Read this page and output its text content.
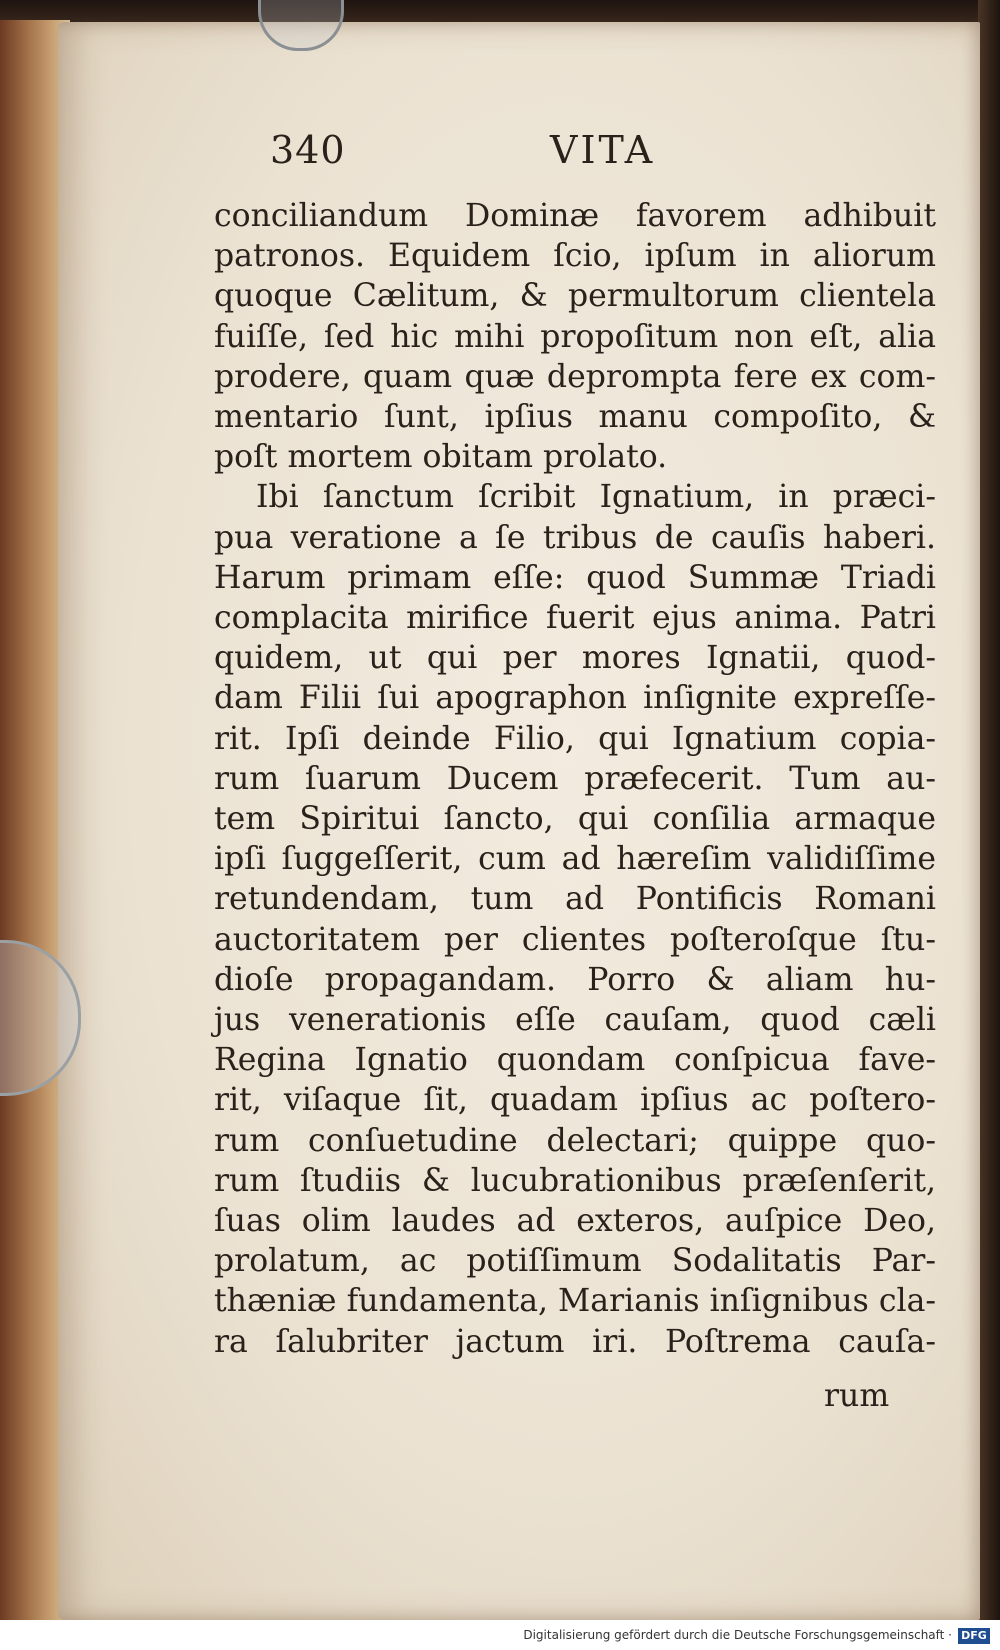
340	VITA
conciliandum Dominæ favorem adhibuit
patronos. Equidem ſcio, ipſum in aliorum
quoque Cælitum, & permultorum clientela
fuiſſe, ſed hic mihi propoſitum non eſt, alia
prodere, quam quæ deprompta fere ex com-
mentario ſunt, ipſius manu compoſito, &
poſt mortem obitam prolato.
Ibi ſanctum ſcribit Ignatium, in præci-
pua veratione a ſe tribus de cauſis haberi.
Harum primam eſſe: quod Summæ Triadi
complacita mirifice fuerit ejus anima. Patri
quidem, ut qui per mores Ignatii, quod-
dam Filii ſui apographon inſignite expreſſe-
rit. Ipſi deinde Filio, qui Ignatium copia-
rum ſuarum Ducem præfecerit. Tum au-
tem Spiritui ſancto, qui conſilia armaque
ipſi ſuggeſſerit, cum ad hæreſim validiſſime
retundendam, tum ad Pontificis Romani
auctoritatem per clientes poſteroſque ſtu-
dioſe propagandam. Porro & aliam hu-
jus venerationis eſſe cauſam, quod cæli
Regina Ignatio quondam conſpicua fave-
rit, viſaque ſit, quadam ipſius ac poſtero-
rum conſuetudine delectari; quippe quo-
rum ſtudiis & lucubrationibus præſenſerit,
ſuas olim laudes ad exteros, auſpice Deo,
prolatum, ac potiſſimum Sodalitatis Par-
thæniæ fundamenta, Marianis inſignibus cla-
ra ſalubriter jactum iri. Poſtrema cauſa-
rum
Digitalisierung gefördert durch die Deutsche Forschungsgemeinschaft · DFG
